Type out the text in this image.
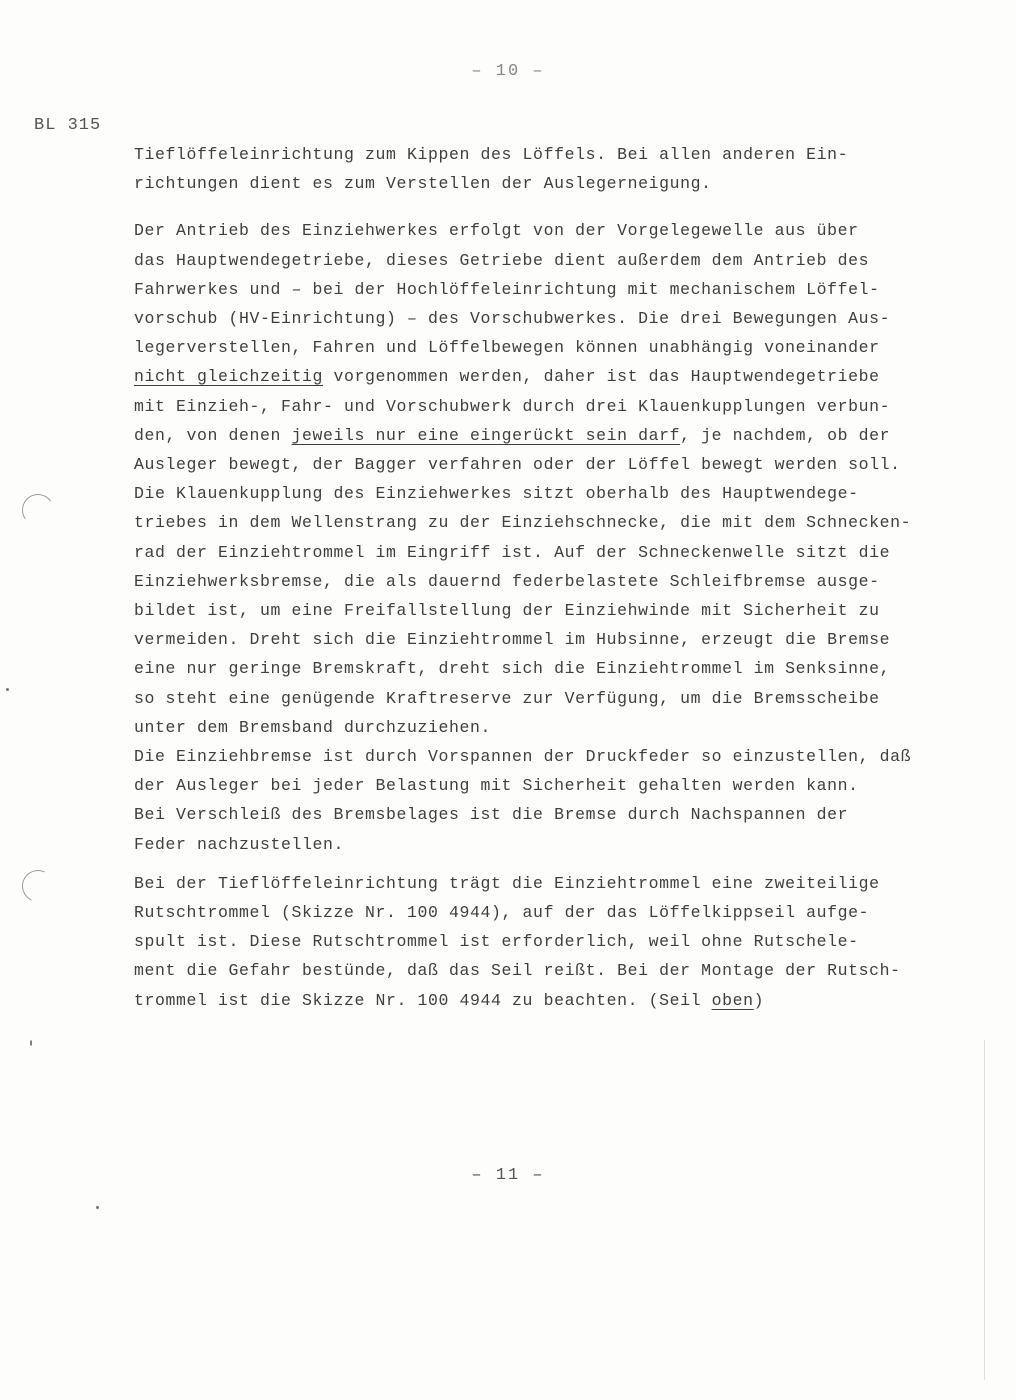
– 10 –
BL 315
Tieflöffeleinrichtung zum Kippen des Löffels. Bei allen anderen Ein-
richtungen dient es zum Verstellen der Auslegerneigung.
Der Antrieb des Einziehwerkes erfolgt von der Vorgelegewelle aus über
das Hauptwendegetriebe, dieses Getriebe dient außerdem dem Antrieb des
Fahrwerkes und – bei der Hochlöffeleinrichtung mit mechanischem Löffel-
vorschub (HV-Einrichtung) – des Vorschubwerkes. Die drei Bewegungen Aus-
legerverstellen, Fahren und Löffelbewegen können unabhängig voneinander
nicht gleichzeitig vorgenommen werden, daher ist das Hauptwendegetriebe
mit Einzieh-, Fahr- und Vorschubwerk durch drei Klauenkupplungen verbun-
den, von denen jeweils nur eine eingerückt sein darf, je nachdem, ob der
Ausleger bewegt, der Bagger verfahren oder der Löffel bewegt werden soll.
Die Klauenkupplung des Einziehwerkes sitzt oberhalb des Hauptwendege-
triebes in dem Wellenstrang zu der Einziehschnecke, die mit dem Schnecken-
rad der Einziehtrommel im Eingriff ist. Auf der Schneckenwelle sitzt die
Einziehwerksbremse, die als dauernd federbelastete Schleifbremse ausge-
bildet ist, um eine Freifallstellung der Einziehwinde mit Sicherheit zu
vermeiden. Dreht sich die Einziehtrommel im Hubsinne, erzeugt die Bremse
eine nur geringe Bremskraft, dreht sich die Einziehtrommel im Senksinne,
so steht eine genügende Kraftreserve zur Verfügung, um die Bremsscheibe
unter dem Bremsband durchzuziehen.
Die Einziehbremse ist durch Vorspannen der Druckfeder so einzustellen, daß
der Ausleger bei jeder Belastung mit Sicherheit gehalten werden kann.
Bei Verschleiß des Bremsbelages ist die Bremse durch Nachspannen der
Feder nachzustellen.
Bei der Tieflöffeleinrichtung trägt die Einziehtrommel eine zweiteilige
Rutschtrommel (Skizze Nr. 100 4944), auf der das Löffelkippseil aufge-
spult ist. Diese Rutschtrommel ist erforderlich, weil ohne Rutschele-
ment die Gefahr bestünde, daß das Seil reißt. Bei der Montage der Rutsch-
trommel ist die Skizze Nr. 100 4944 zu beachten. (Seil oben)
– 11 –
